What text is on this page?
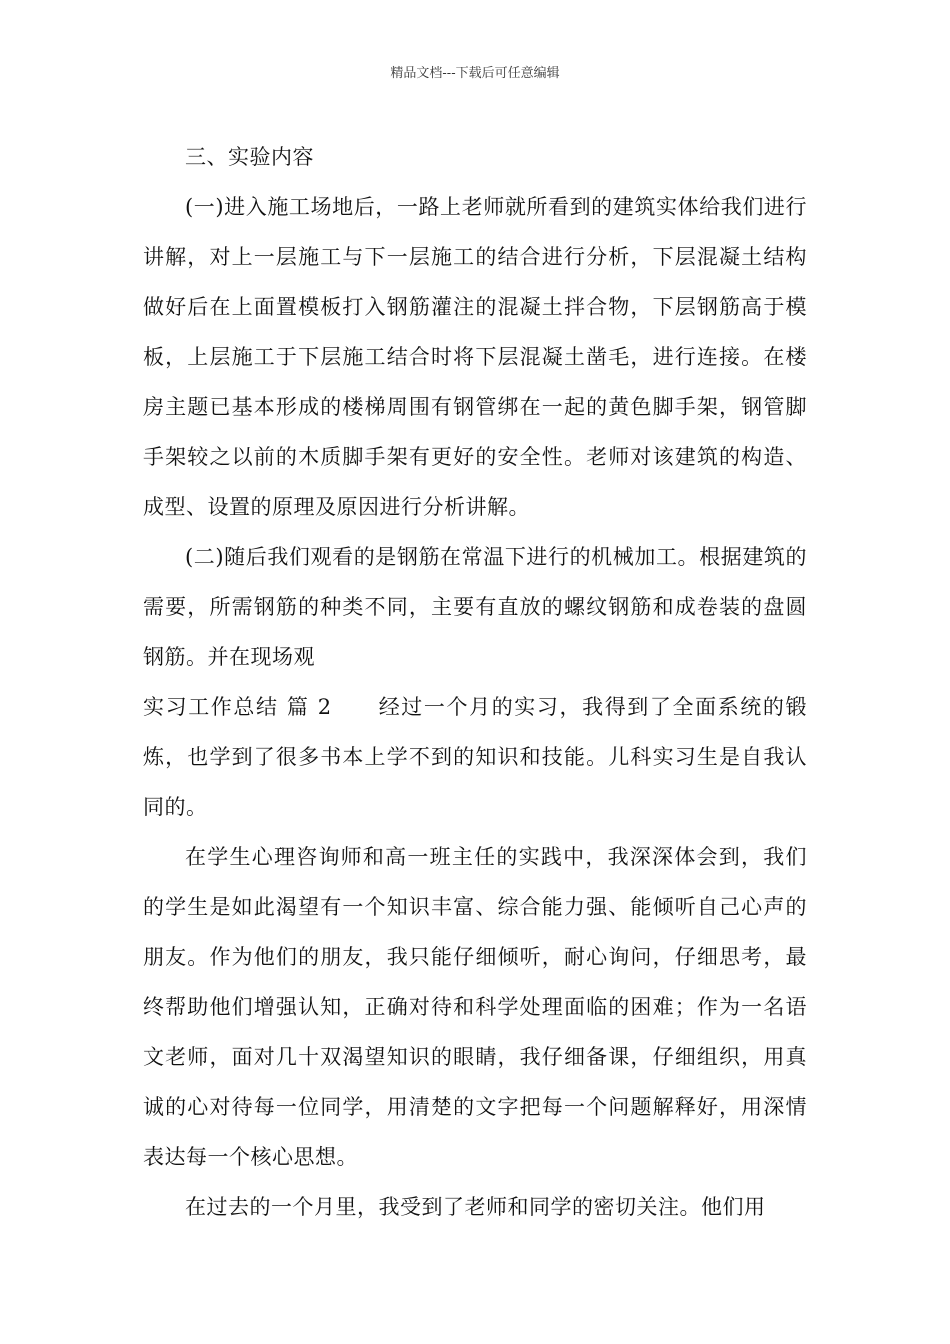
精品文档---下载后可任意编辑

三、实验内容

(一)进入施工场地后，一路上老师就所看到的建筑实体给我们进行讲解，对上一层施工与下一层施工的结合进行分析，下层混凝土结构做好后在上面置模板打入钢筋灌注的混凝土拌合物，下层钢筋高于模板，上层施工于下层施工结合时将下层混凝土凿毛，进行连接。在楼房主题已基本形成的楼梯周围有钢管绑在一起的黄色脚手架，钢管脚手架较之以前的木质脚手架有更好的安全性。老师对该建筑的构造、成型、设置的原理及原因进行分析讲解。

(二)随后我们观看的是钢筋在常温下进行的机械加工。根据建筑的需要，所需钢筋的种类不同，主要有直放的螺纹钢筋和成卷装的盘圆钢筋。并在现场观

实习工作总结 篇 2 经过一个月的实习，我得到了全面系统的锻炼，也学到了很多书本上学不到的知识和技能。儿科实习生是自我认同的。

在学生心理咨询师和高一班主任的实践中，我深深体会到，我们的学生是如此渴望有一个知识丰富、综合能力强、能倾听自己心声的朋友。作为他们的朋友，我只能仔细倾听，耐心询问，仔细思考，最终帮助他们增强认知，正确对待和科学处理面临的困难；作为一名语文老师，面对几十双渴望知识的眼睛，我仔细备课，仔细组织，用真诚的心对待每一位同学，用清楚的文字把每一个问题解释好，用深情表达每一个核心思想。

在过去的一个月里，我受到了老师和同学的密切关注。他们用
